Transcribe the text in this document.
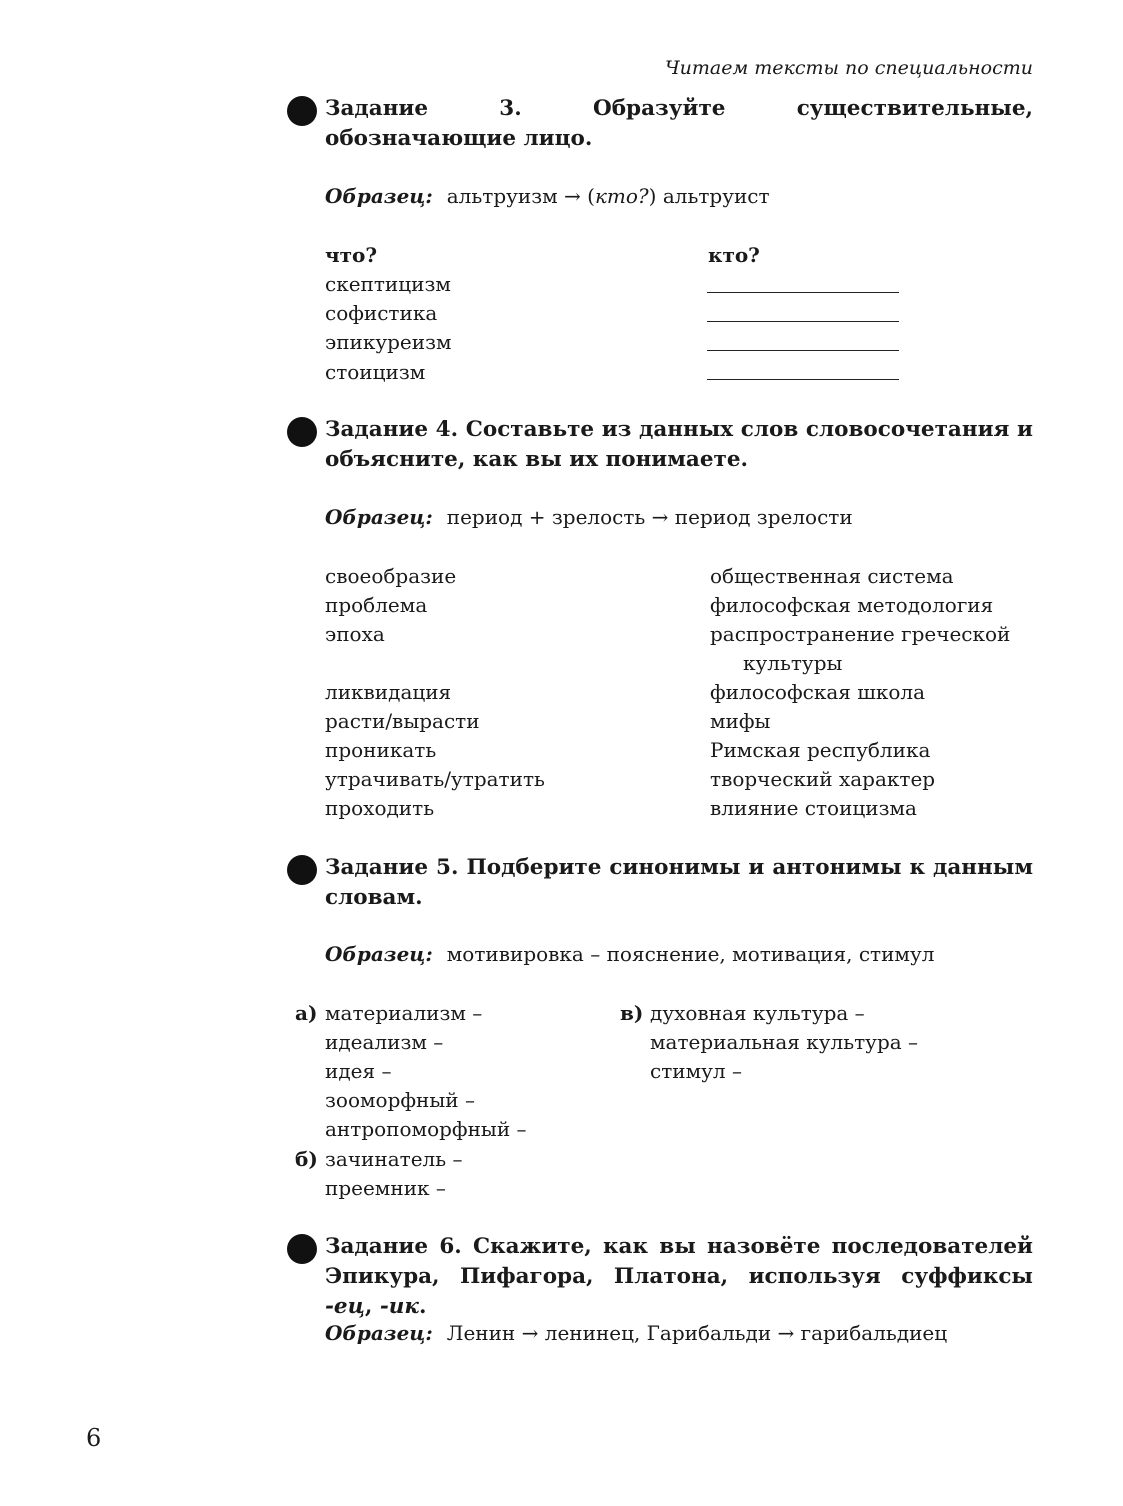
Читаем тексты по специальности
Задание 3. Образуйте существительные, обозначающие лицо.
Образец: альтруизм → (кто?) альтруист
что?	кто?
скептицизм
софистика
эпикуреизм
стоицизм
Задание 4. Составьте из данных слов словосочетания и объясните, как вы их понимаете.
Образец: период + зрелость → период зрелости
своеобразие
проблема
эпоха
ликвидация
расти/вырасти
проникать
утрачивать/утратить
проходить
общественная система
философская методология
распространение греческой
культуры
философская школа
мифы
Римская республика
творческий характер
влияние стоицизма
Задание 5. Подберите синонимы и антонимы к данным словам.
Образец: мотивировка – пояснение, мотивация, стимул
а) материализм –
идеализм –
идея –
зооморфный –
антропоморфный –
б) зачинатель –
преемник –
в) духовная культура –
материальная культура –
стимул –
Задание 6. Скажите, как вы назовёте последователей Эпикура, Пифагора, Платона, используя суффиксы -ец, -ик.
Образец: Ленин → ленинец, Гарибальди → гарибальдиец
6
